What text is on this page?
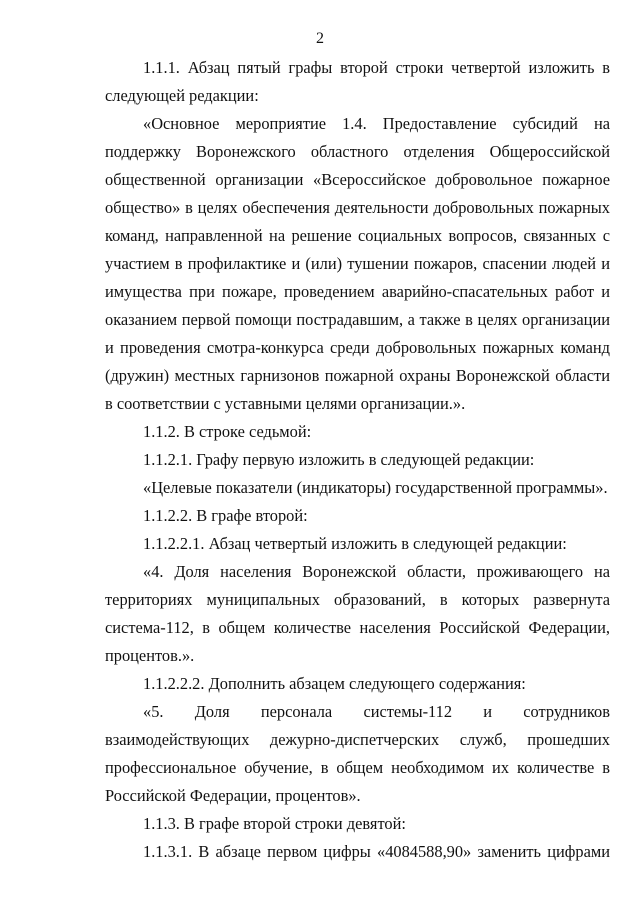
2

1.1.1. Абзац пятый графы второй строки четвертой изложить в следующей редакции:

«Основное мероприятие 1.4. Предоставление субсидий на поддержку Воронежского областного отделения Общероссийской общественной организации «Всероссийское добровольное пожарное общество» в целях обеспечения деятельности добровольных пожарных команд, направленной на решение социальных вопросов, связанных с участием в профилактике и (или) тушении пожаров, спасении людей и имущества при пожаре, проведением аварийно-спасательных работ и оказанием первой помощи пострадавшим, а также в целях организации и проведения смотра-конкурса среди добровольных пожарных команд (дружин) местных гарнизонов пожарной охраны Воронежской области в соответствии с уставными целями организации.».

1.1.2. В строке седьмой:

1.1.2.1. Графу первую изложить в следующей редакции:

«Целевые показатели (индикаторы) государственной программы».

1.1.2.2. В графе второй:

1.1.2.2.1. Абзац четвертый изложить в следующей редакции:

«4. Доля населения Воронежской области, проживающего на территориях муниципальных образований, в которых развернута система-112, в общем количестве населения Российской Федерации, процентов.».

1.1.2.2.2. Дополнить абзацем следующего содержания:

«5. Доля персонала системы-112 и сотрудников взаимодействующих дежурно-диспетчерских служб, прошедших профессиональное обучение, в общем необходимом их количестве в Российской Федерации, процентов».

1.1.3. В графе второй строки девятой:

1.1.3.1. В абзаце первом цифры «4084588,90» заменить цифрами
